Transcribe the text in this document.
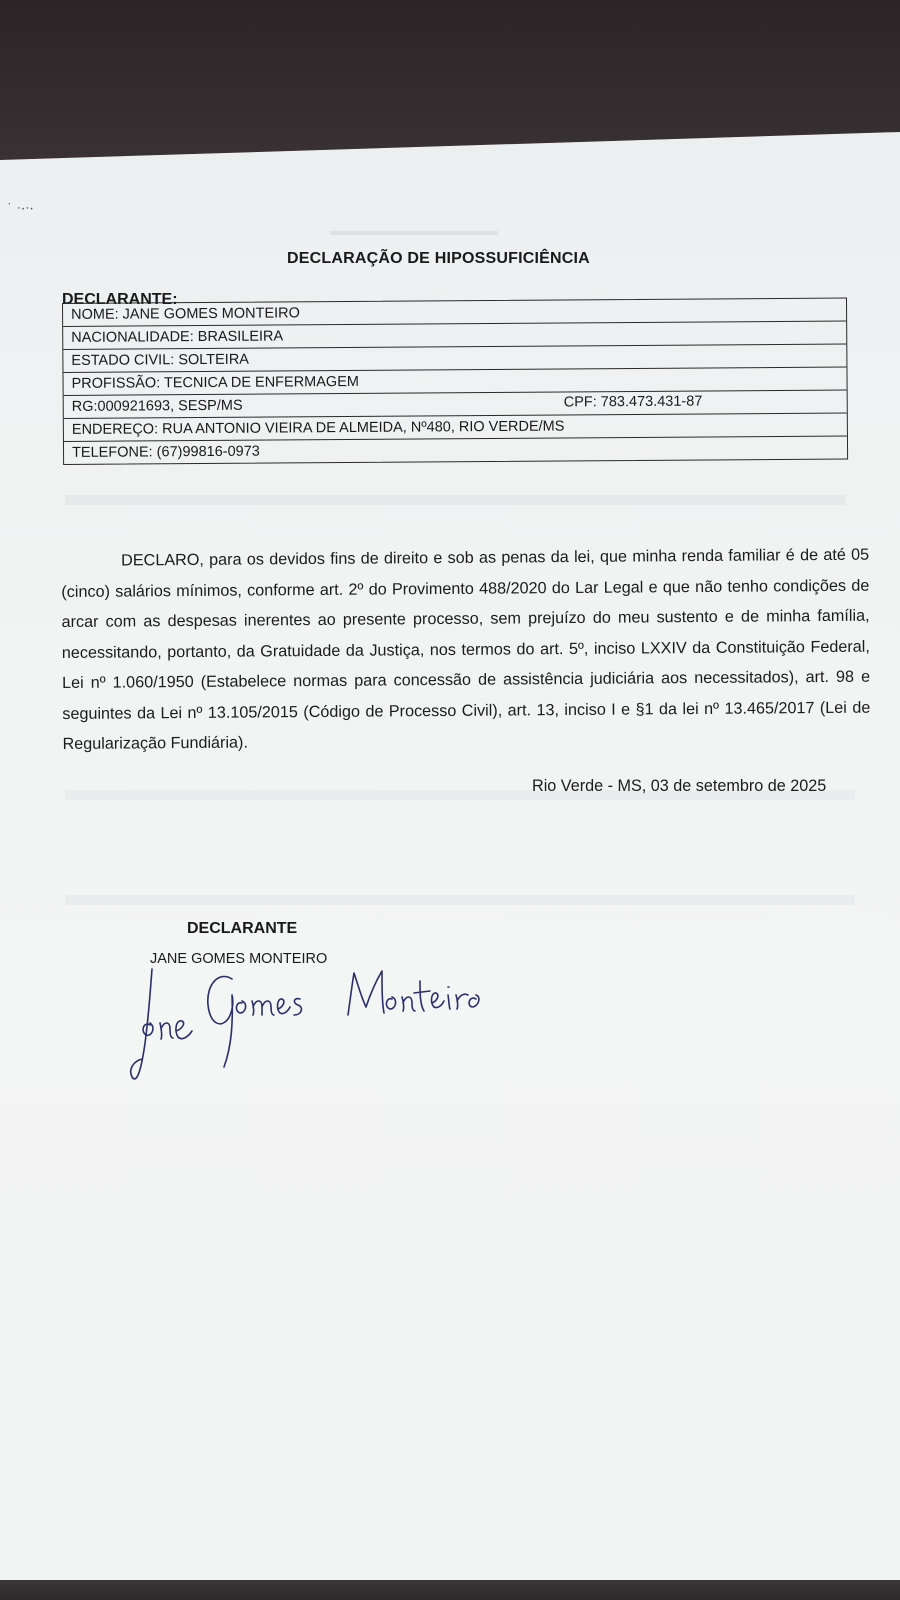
▬▬▬▬▬▬▬▬▬▬▬▬
˙ ˑ·ˑ·
DECLARAÇÃO DE HIPOSSUFICIÊNCIA
DECLARANTE:
NOME: JANE GOMES MONTEIRO
NACIONALIDADE: BRASILEIRA
ESTADO CIVIL: SOLTEIRA
PROFISSÃO: TECNICA DE ENFERMAGEM
RG:000921693, SESP/MS	CPF: 783.473.431-87
ENDEREÇO: RUA ANTONIO VIEIRA DE ALMEIDA, Nº480, RIO VERDE/MS
TELEFONE: (67)99816-0973
DECLARO, para os devidos fins de direito e sob as penas da lei, que minha renda familiar é de até 05 (cinco) salários mínimos, conforme art. 2º do Provimento 488/2020 do Lar Legal e que não tenho condições de arcar com as despesas inerentes ao presente processo, sem prejuízo do meu sustento e de minha família, necessitando, portanto, da Gratuidade da Justiça, nos termos do art. 5º, inciso LXXIV da Constituição Federal, Lei nº 1.060/1950 (Estabelece normas para concessão de assistência judiciária aos necessitados), art. 98 e seguintes da Lei nº 13.105/2015 (Código de Processo Civil), art. 13, inciso I e §1 da lei nº 13.465/2017 (Lei de Regularização Fundiária).
Rio Verde - MS, 03 de setembro de 2025
DECLARANTE
JANE GOMES MONTEIRO
